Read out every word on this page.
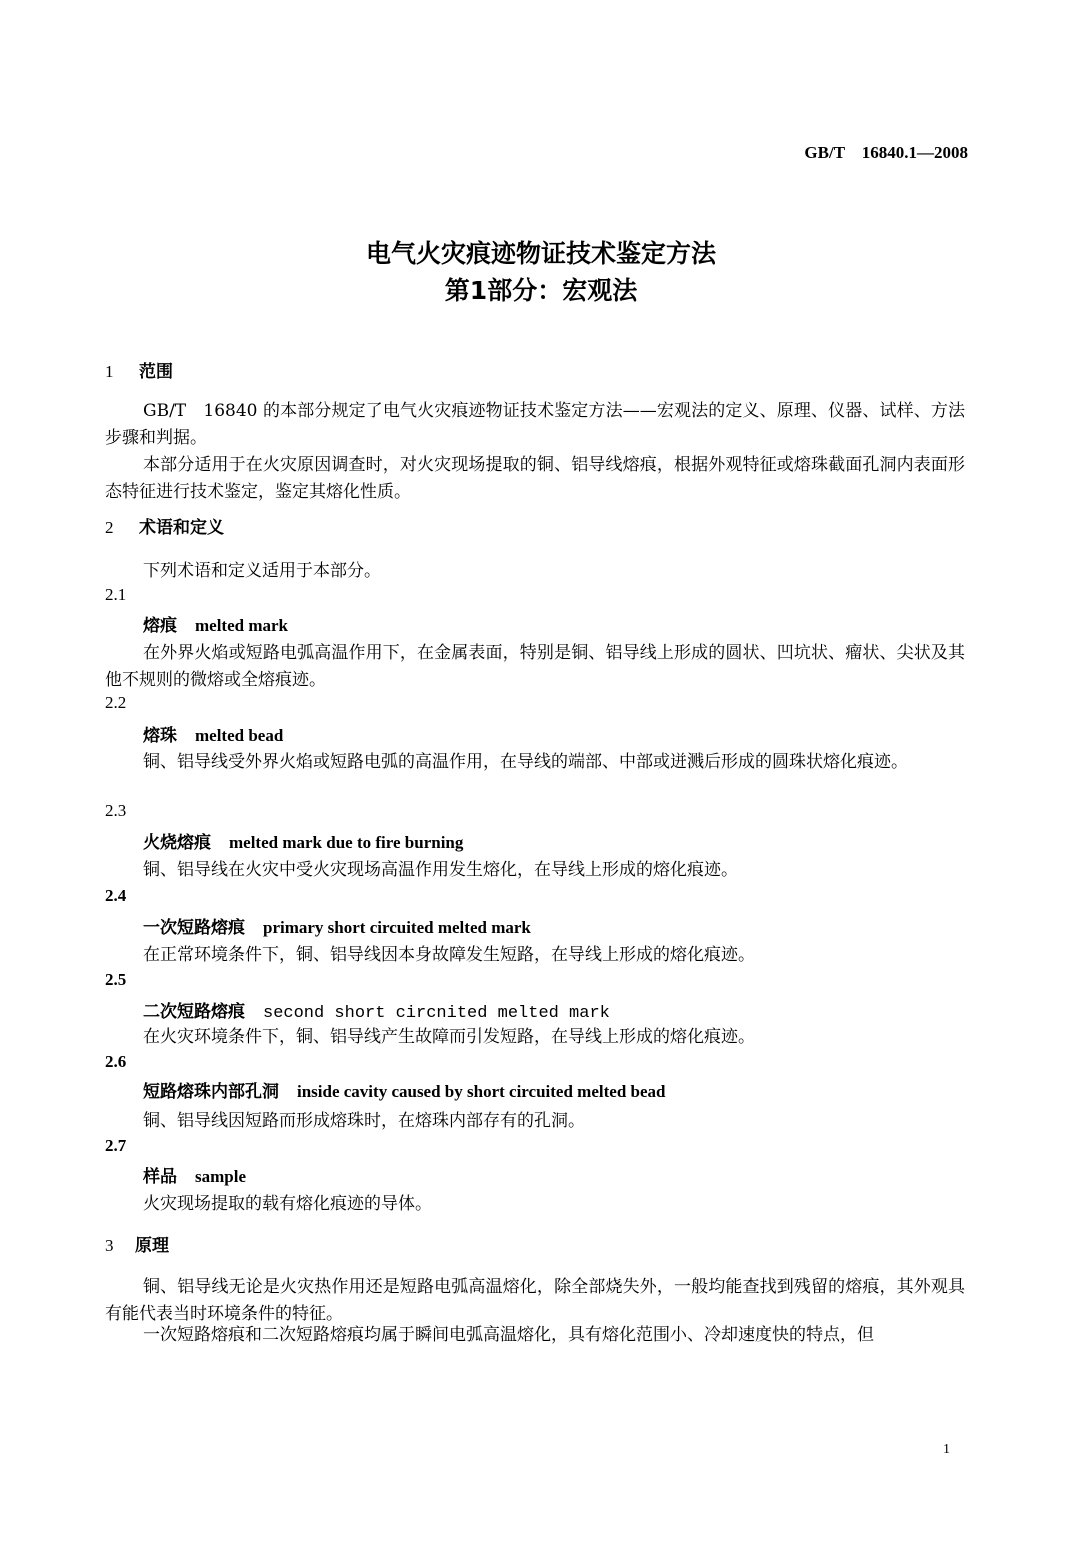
GB/T　16840.1—2008
电气火灾痕迹物证技术鉴定方法
第1部分：宏观法
1 范围
GB/T　16840 的本部分规定了电气火灾痕迹物证技术鉴定方法——宏观法的定义、原理、仪器、试样、方法步骤和判据。
本部分适用于在火灾原因调查时，对火灾现场提取的铜、铝导线熔痕，根据外观特征或熔珠截面孔洞内表面形态特征进行技术鉴定，鉴定其熔化性质。
2 术语和定义
下列术语和定义适用于本部分。
2.1
熔痕 melted mark
在外界火焰或短路电弧高温作用下，在金属表面，特别是铜、铝导线上形成的圆状、凹坑状、瘤状、尖状及其他不规则的微熔或全熔痕迹。
2.2
熔珠 melted bead
铜、铝导线受外界火焰或短路电弧的高温作用，在导线的端部、中部或迸溅后形成的圆珠状熔化痕迹。
2.3
火烧熔痕 melted mark due to fire burning
铜、铝导线在火灾中受火灾现场高温作用发生熔化，在导线上形成的熔化痕迹。
2.4
一次短路熔痕 primary short circuited melted mark
在正常环境条件下，铜、铝导线因本身故障发生短路，在导线上形成的熔化痕迹。
2.5
二次短路熔痕 second short circnited melted mark
在火灾环境条件下，铜、铝导线产生故障而引发短路，在导线上形成的熔化痕迹。
2.6
短路熔珠内部孔洞 inside cavity caused by short circuited melted bead
铜、铝导线因短路而形成熔珠时，在熔珠内部存有的孔洞。
2.7
样品 sample
火灾现场提取的载有熔化痕迹的导体。
3 原理
铜、铝导线无论是火灾热作用还是短路电弧高温熔化，除全部烧失外，一般均能查找到残留的熔痕，其外观具有能代表当时环境条件的特征。
一次短路熔痕和二次短路熔痕均属于瞬间电弧高温熔化，具有熔化范围小、冷却速度快的特点，但
1
